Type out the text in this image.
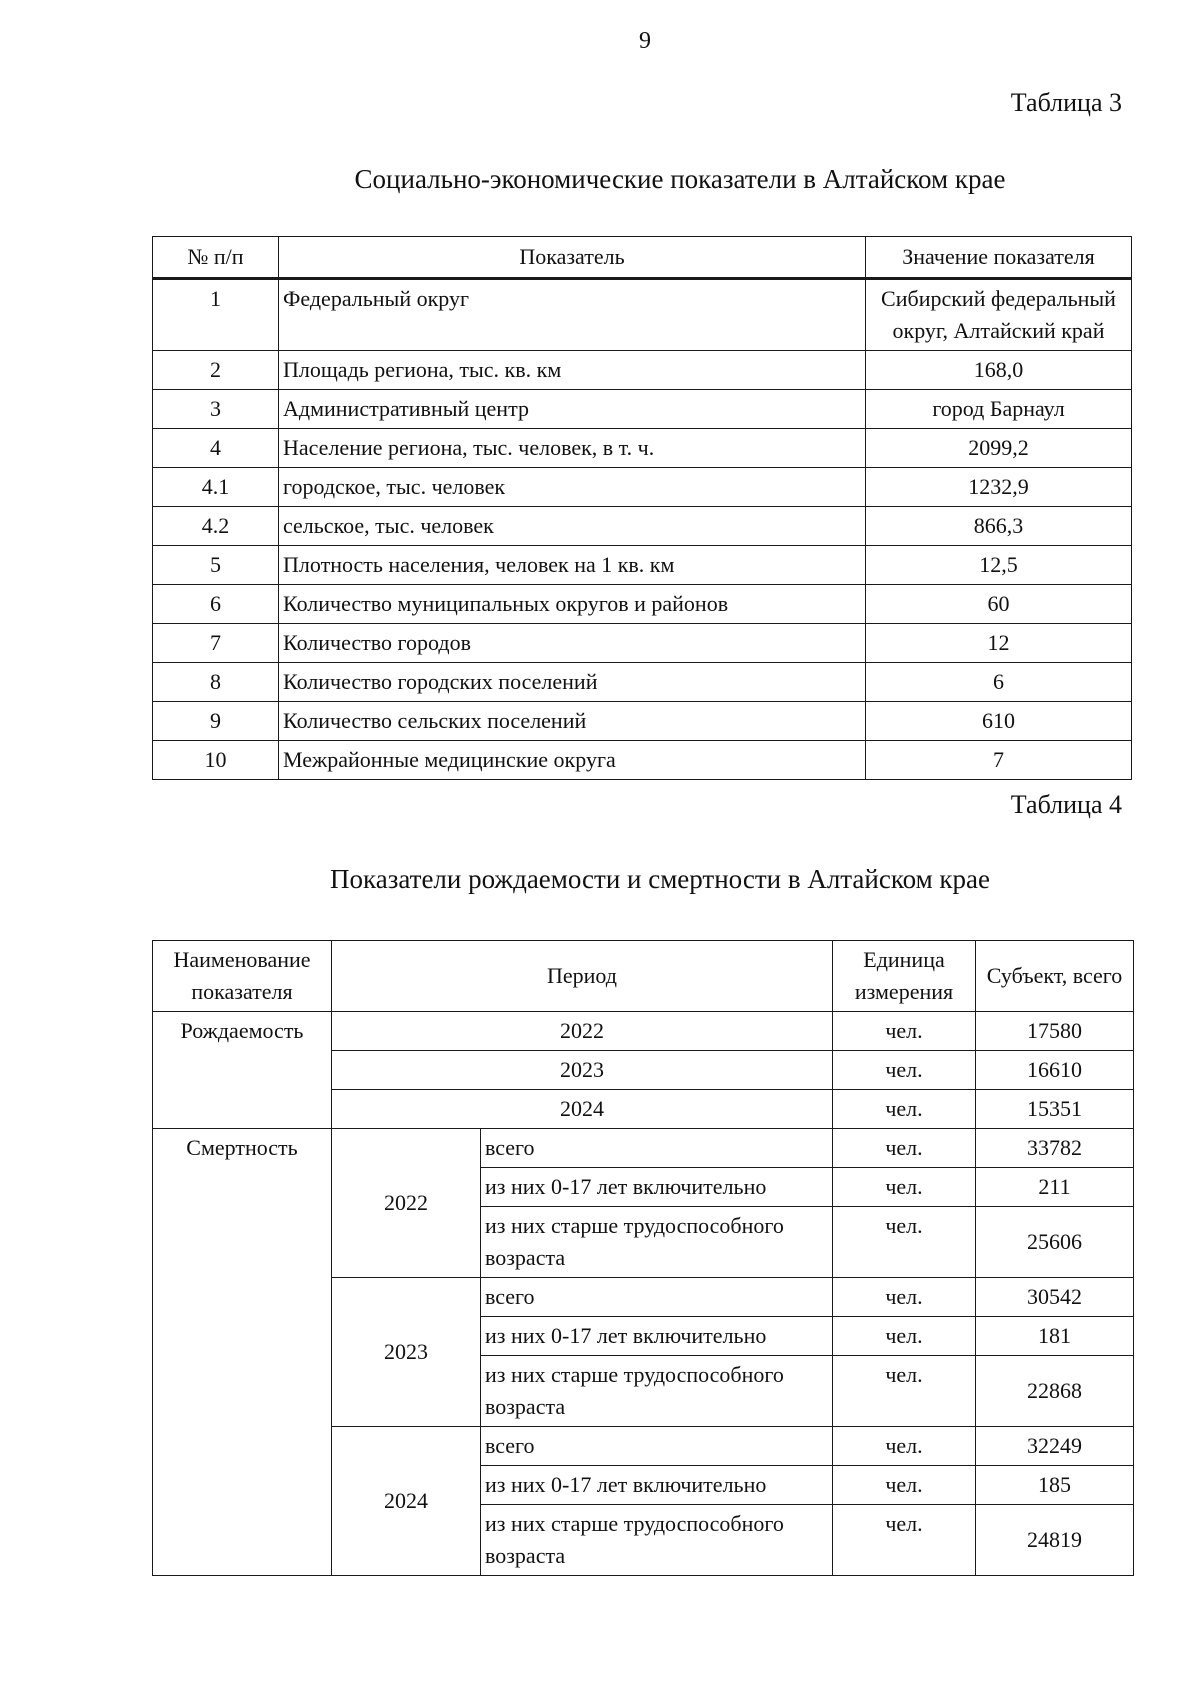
9
Таблица 3
Социально-экономические показатели в Алтайском крае
№ п/п	Показатель	Значение показателя
1	Федеральный округ	Сибирский федеральный округ, Алтайский край
2	Площадь региона, тыс. кв. км	168,0
3	Административный центр	город Барнаул
4	Население региона, тыс. человек, в т. ч.	2099,2
4.1	городское, тыс. человек	1232,9
4.2	сельское, тыс. человек	866,3
5	Плотность населения, человек на 1 кв. км	12,5
6	Количество муниципальных округов и районов	60
7	Количество городов	12
8	Количество городских поселений	6
9	Количество сельских поселений	610
10	Межрайонные медицинские округа	7
Таблица 4
Показатели рождаемости и смертности в Алтайском крае
Наименование показателя	Период		Единица измерения	Субъект, всего
Рождаемость	2022		чел.	17580
	2023		чел.	16610
	2024		чел.	15351
Смертность	2022	всего	чел.	33782
		из них 0-17 лет включительно	чел.	211
		из них старше трудоспособного возраста	чел.	25606
	2023	всего	чел.	30542
		из них 0-17 лет включительно	чел.	181
		из них старше трудоспособного возраста	чел.	22868
	2024	всего	чел.	32249
		из них 0-17 лет включительно	чел.	185
		из них старше трудоспособного возраста	чел.	24819
